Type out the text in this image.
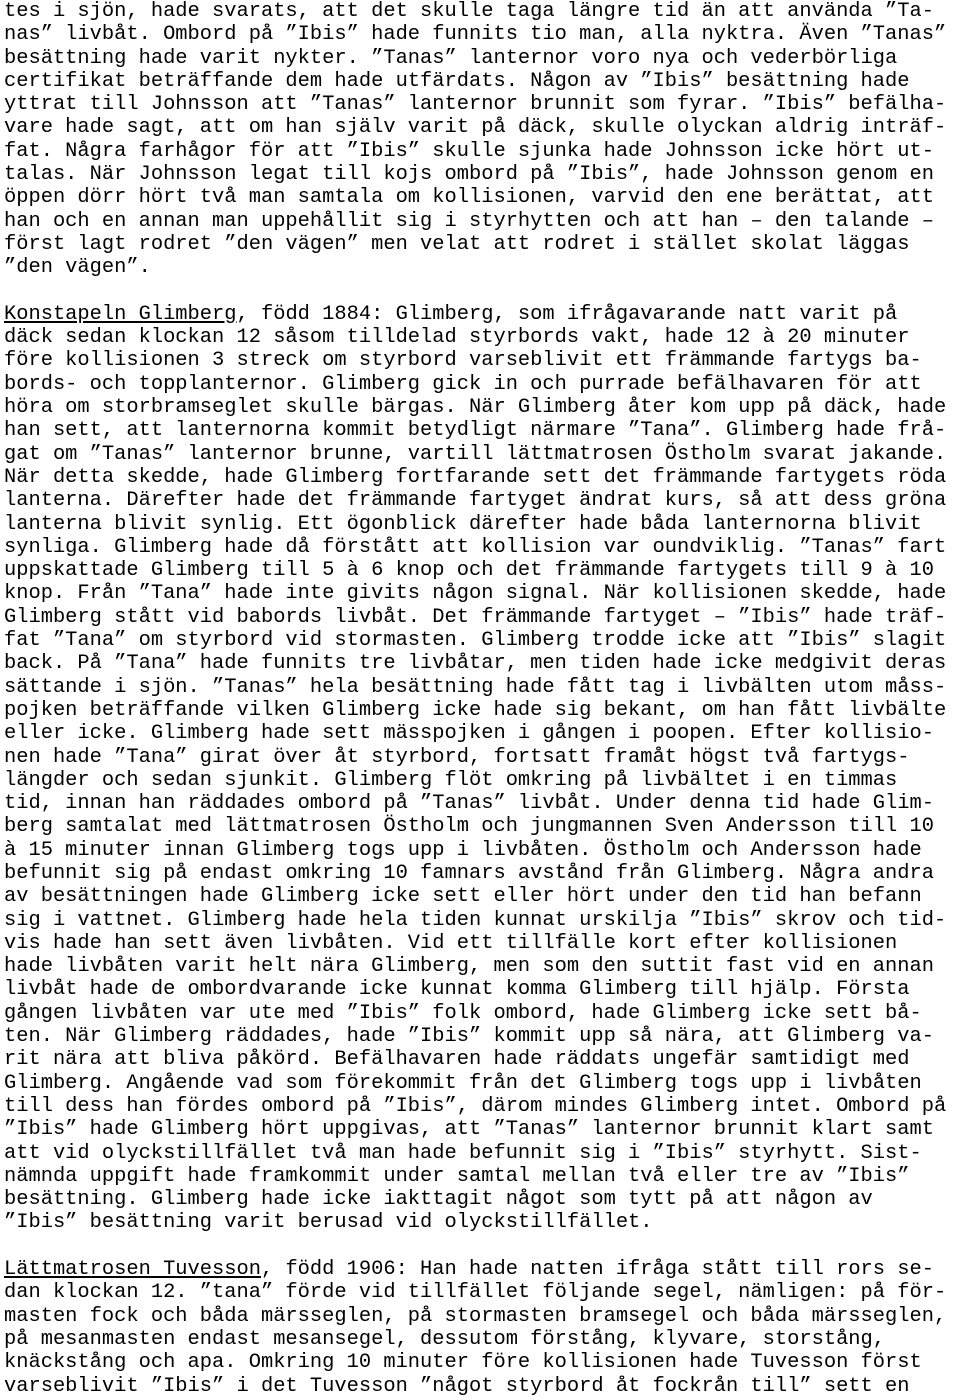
tes i sjön, hade svarats, att det skulle taga längre tid än att använda ”Ta-
nas” livbåt. Ombord på ”Ibis” hade funnits tio man, alla nyktra. Även ”Tanas”
besättning hade varit nykter. ”Tanas” lanternor voro nya och vederbörliga
certifikat beträffande dem hade utfärdats. Någon av ”Ibis” besättning hade
yttrat till Johnsson att ”Tanas” lanternor brunnit som fyrar. ”Ibis” befälha-
vare hade sagt, att om han själv varit på däck, skulle olyckan aldrig inträf-
fat. Några farhågor för att ”Ibis” skulle sjunka hade Johnsson icke hört ut-
talas. När Johnsson legat till kojs ombord på ”Ibis”, hade Johnsson genom en
öppen dörr hört två man samtala om kollisionen, varvid den ene berättat, att
han och en annan man uppehållit sig i styrhytten och att han – den talande –
först lagt rodret ”den vägen” men velat att rodret i stället skolat läggas
”den vägen”.
Konstapeln Glimberg, född 1884: Glimberg, som ifrågavarande natt varit på
däck sedan klockan 12 såsom tilldelad styrbords vakt, hade 12 à 20 minuter
före kollisionen 3 streck om styrbord varseblivit ett främmande fartygs ba-
bords- och topplanternor. Glimberg gick in och purrade befälhavaren för att
höra om storbramseglet skulle bärgas. När Glimberg åter kom upp på däck, hade
han sett, att lanternorna kommit betydligt närmare ”Tana”. Glimberg hade frå-
gat om ”Tanas” lanternor brunne, vartill lättmatrosen Östholm svarat jakande.
När detta skedde, hade Glimberg fortfarande sett det främmande fartygets röda
lanterna. Därefter hade det främmande fartyget ändrat kurs, så att dess gröna
lanterna blivit synlig. Ett ögonblick därefter hade båda lanternorna blivit
synliga. Glimberg hade då förstått att kollision var oundviklig. ”Tanas” fart
uppskattade Glimberg till 5 à 6 knop och det främmande fartygets till 9 à 10
knop. Från ”Tana” hade inte givits någon signal. När kollisionen skedde, hade
Glimberg stått vid babords livbåt. Det främmande fartyget – ”Ibis” hade träf-
fat ”Tana” om styrbord vid stormasten. Glimberg trodde icke att ”Ibis” slagit
back. På ”Tana” hade funnits tre livbåtar, men tiden hade icke medgivit deras
sättande i sjön. ”Tanas” hela besättning hade fått tag i livbälten utom måss-
pojken beträffande vilken Glimberg icke hade sig bekant, om han fått livbälte
eller icke. Glimberg hade sett mässpojken i gången i poopen. Efter kollisio-
nen hade ”Tana” girat över åt styrbord, fortsatt framåt högst två fartygs-
längder och sedan sjunkit. Glimberg flöt omkring på livbältet i en timmas
tid, innan han räddades ombord på ”Tanas” livbåt. Under denna tid hade Glim-
berg samtalat med lättmatrosen Östholm och jungmannen Sven Andersson till 10
à 15 minuter innan Glimberg togs upp i livbåten. Östholm och Andersson hade
befunnit sig på endast omkring 10 famnars avstånd från Glimberg. Några andra
av besättningen hade Glimberg icke sett eller hört under den tid han befann
sig i vattnet. Glimberg hade hela tiden kunnat urskilja ”Ibis” skrov och tid-
vis hade han sett även livbåten. Vid ett tillfälle kort efter kollisionen
hade livbåten varit helt nära Glimberg, men som den suttit fast vid en annan
livbåt hade de ombordvarande icke kunnat komma Glimberg till hjälp. Första
gången livbåten var ute med ”Ibis” folk ombord, hade Glimberg icke sett bå-
ten. När Glimberg räddades, hade ”Ibis” kommit upp så nära, att Glimberg va-
rit nära att bliva påkörd. Befälhavaren hade räddats ungefär samtidigt med
Glimberg. Angående vad som förekommit från det Glimberg togs upp i livbåten
till dess han fördes ombord på ”Ibis”, därom mindes Glimberg intet. Ombord på
”Ibis” hade Glimberg hört uppgivas, att ”Tanas” lanternor brunnit klart samt
att vid olyckstillfället två man hade befunnit sig i ”Ibis” styrhytt. Sist-
nämnda uppgift hade framkommit under samtal mellan två eller tre av ”Ibis”
besättning. Glimberg hade icke iakttagit något som tytt på att någon av
”Ibis” besättning varit berusad vid olyckstillfället.
Lättmatrosen Tuvesson, född 1906: Han hade natten ifråga stått till rors se-
dan klockan 12. ”tana” förde vid tillfället följande segel, nämligen: på för-
masten fock och båda märsseglen, på stormasten bramsegel och båda märsseglen,
på mesanmasten endast mesansegel, dessutom förstång, klyvare, storstång,
knäckstång och apa. Omkring 10 minuter före kollisionen hade Tuvesson först
varseblivit ”Ibis” i det Tuvesson ”något styrbord åt fockrån till” sett en
